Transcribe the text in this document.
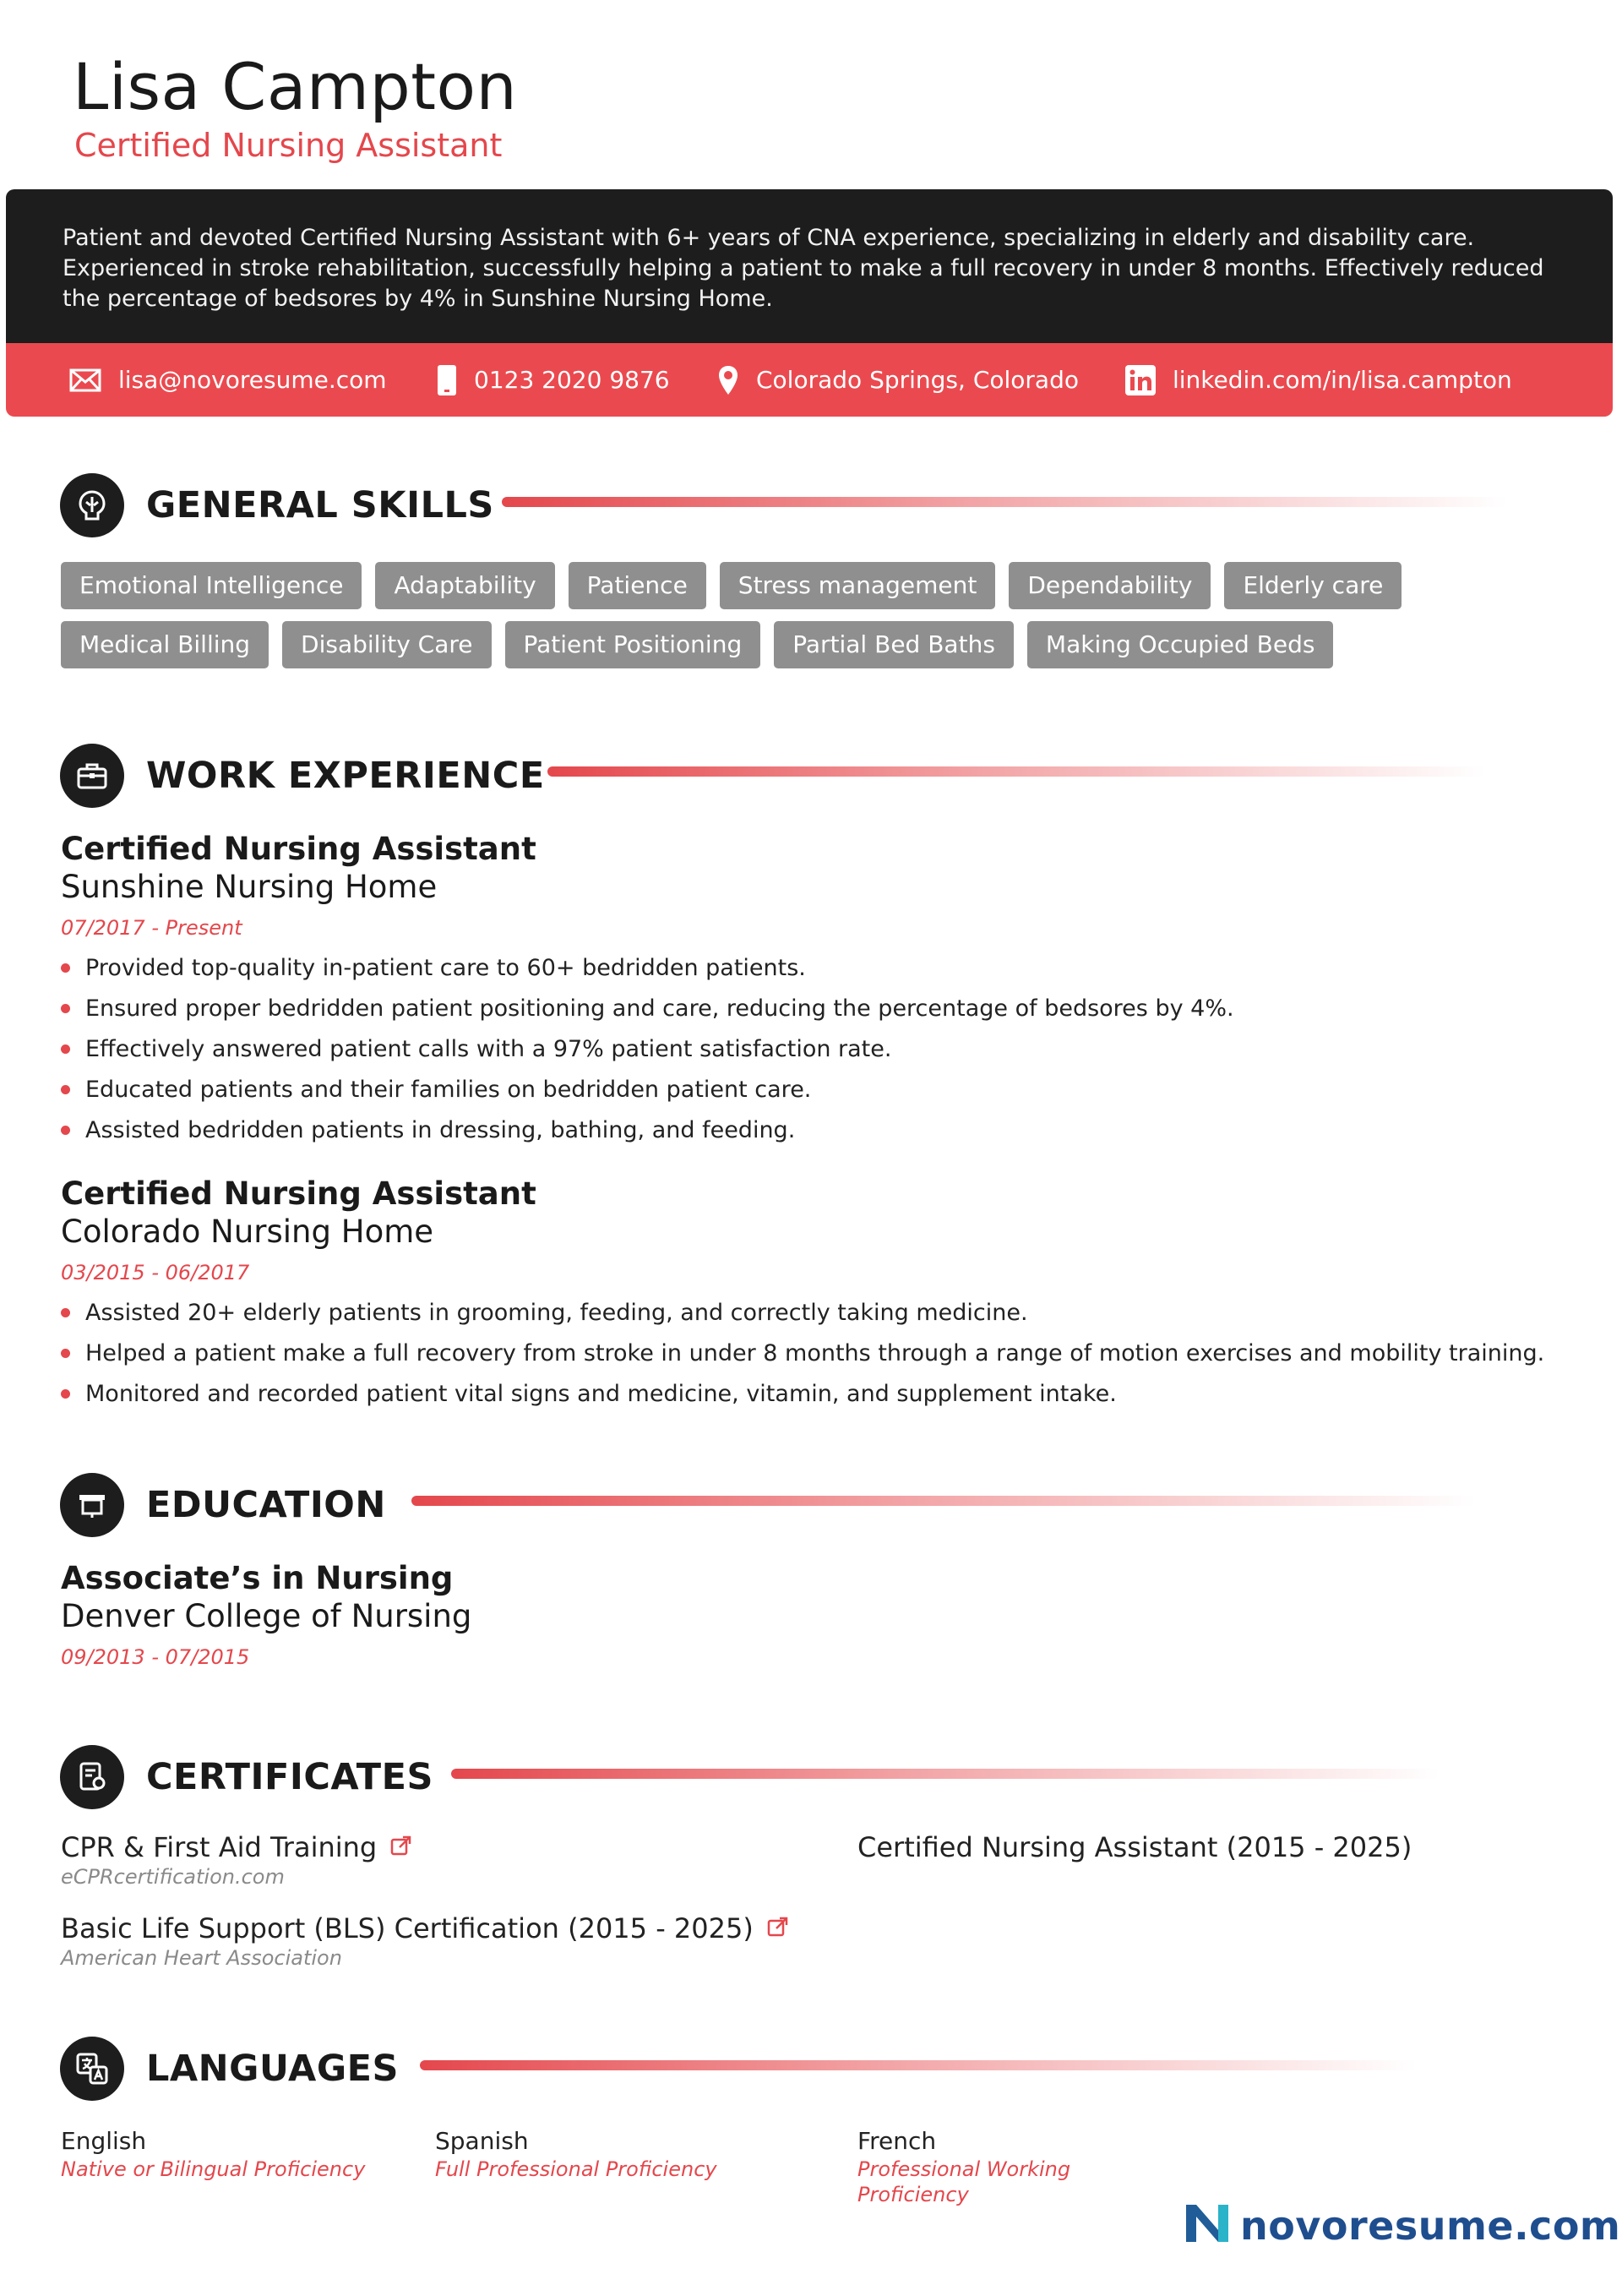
Lisa Campton
Certified Nursing Assistant
Patient and devoted Certified Nursing Assistant with 6+ years of CNA experience, specializing in elderly and disability care. Experienced in stroke rehabilitation, successfully helping a patient to make a full recovery in under 8 months. Effectively reduced the percentage of bedsores by 4% in Sunshine Nursing Home.
lisa@novoresume.com	0123 2020 9876	Colorado Springs, Colorado	linkedin.com/in/lisa.campton
GENERAL SKILLS
Emotional Intelligence	Adaptability	Patience	Stress management	Dependability	Elderly care
Medical Billing	Disability Care	Patient Positioning	Partial Bed Baths	Making Occupied Beds
WORK EXPERIENCE
Certified Nursing Assistant
Sunshine Nursing Home
07/2017 - Present
Provided top-quality in-patient care to 60+ bedridden patients.
Ensured proper bedridden patient positioning and care, reducing the percentage of bedsores by 4%.
Effectively answered patient calls with a 97% patient satisfaction rate.
Educated patients and their families on bedridden patient care.
Assisted bedridden patients in dressing, bathing, and feeding.
Certified Nursing Assistant
Colorado Nursing Home
03/2015 - 06/2017
Assisted 20+ elderly patients in grooming, feeding, and correctly taking medicine.
Helped a patient make a full recovery from stroke in under 8 months through a range of motion exercises and mobility training.
Monitored and recorded patient vital signs and medicine, vitamin, and supplement intake.
EDUCATION
Associate’s in Nursing
Denver College of Nursing
09/2013 - 07/2015
CERTIFICATES
CPR & First Aid Training
eCPRcertification.com
Certified Nursing Assistant (2015 - 2025)
Basic Life Support (BLS) Certification (2015 - 2025)
American Heart Association
LANGUAGES
English
Native or Bilingual Proficiency
Spanish
Full Professional Proficiency
French
Professional Working
Proficiency
novoresume.com
